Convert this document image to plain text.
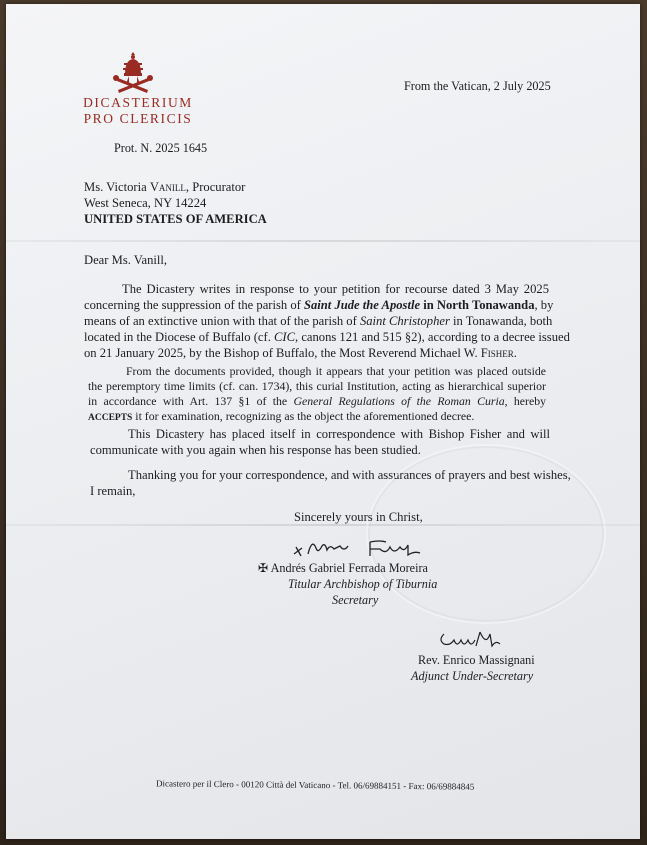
DICASTERIUM
PRO CLERICIS
From the Vatican, 2 July 2025
Prot. N. 2025 1645
Ms. Victoria Vanill, Procurator
West Seneca, NY 14224
UNITED STATES OF AMERICA
Dear Ms. Vanill,
The Dicastery writes in response to your petition for recourse dated 3 May 2025
concerning the suppression of the parish of Saint Jude the Apostle in North Tonawanda, by
means of an extinctive union with that of the parish of Saint Christopher in Tonawanda, both
located in the Diocese of Buffalo (cf. CIC, canons 121 and 515 §2), according to a decree issued
on 21 January 2025, by the Bishop of Buffalo, the Most Reverend Michael W. Fisher.
From the documents provided, though it appears that your petition was placed outside
the peremptory time limits (cf. can. 1734), this curial Institution, acting as hierarchical superior
in accordance with Art. 137 §1 of the General Regulations of the Roman Curia, hereby
ACCEPTS it for examination, recognizing as the object the aforementioned decree.
This Dicastery has placed itself in correspondence with Bishop Fisher and will
communicate with you again when his response has been studied.
Thanking you for your correspondence, and with assurances of prayers and best wishes,
I remain,
Sincerely yours in Christ,
✠ Andrés Gabriel Ferrada Moreira
Titular Archbishop of Tiburnia
Secretary
Rev. Enrico Massignani
Adjunct Under-Secretary
Dicastero per il Clero - 00120 Città del Vaticano - Tel. 06/69884151 - Fax: 06/69884845
